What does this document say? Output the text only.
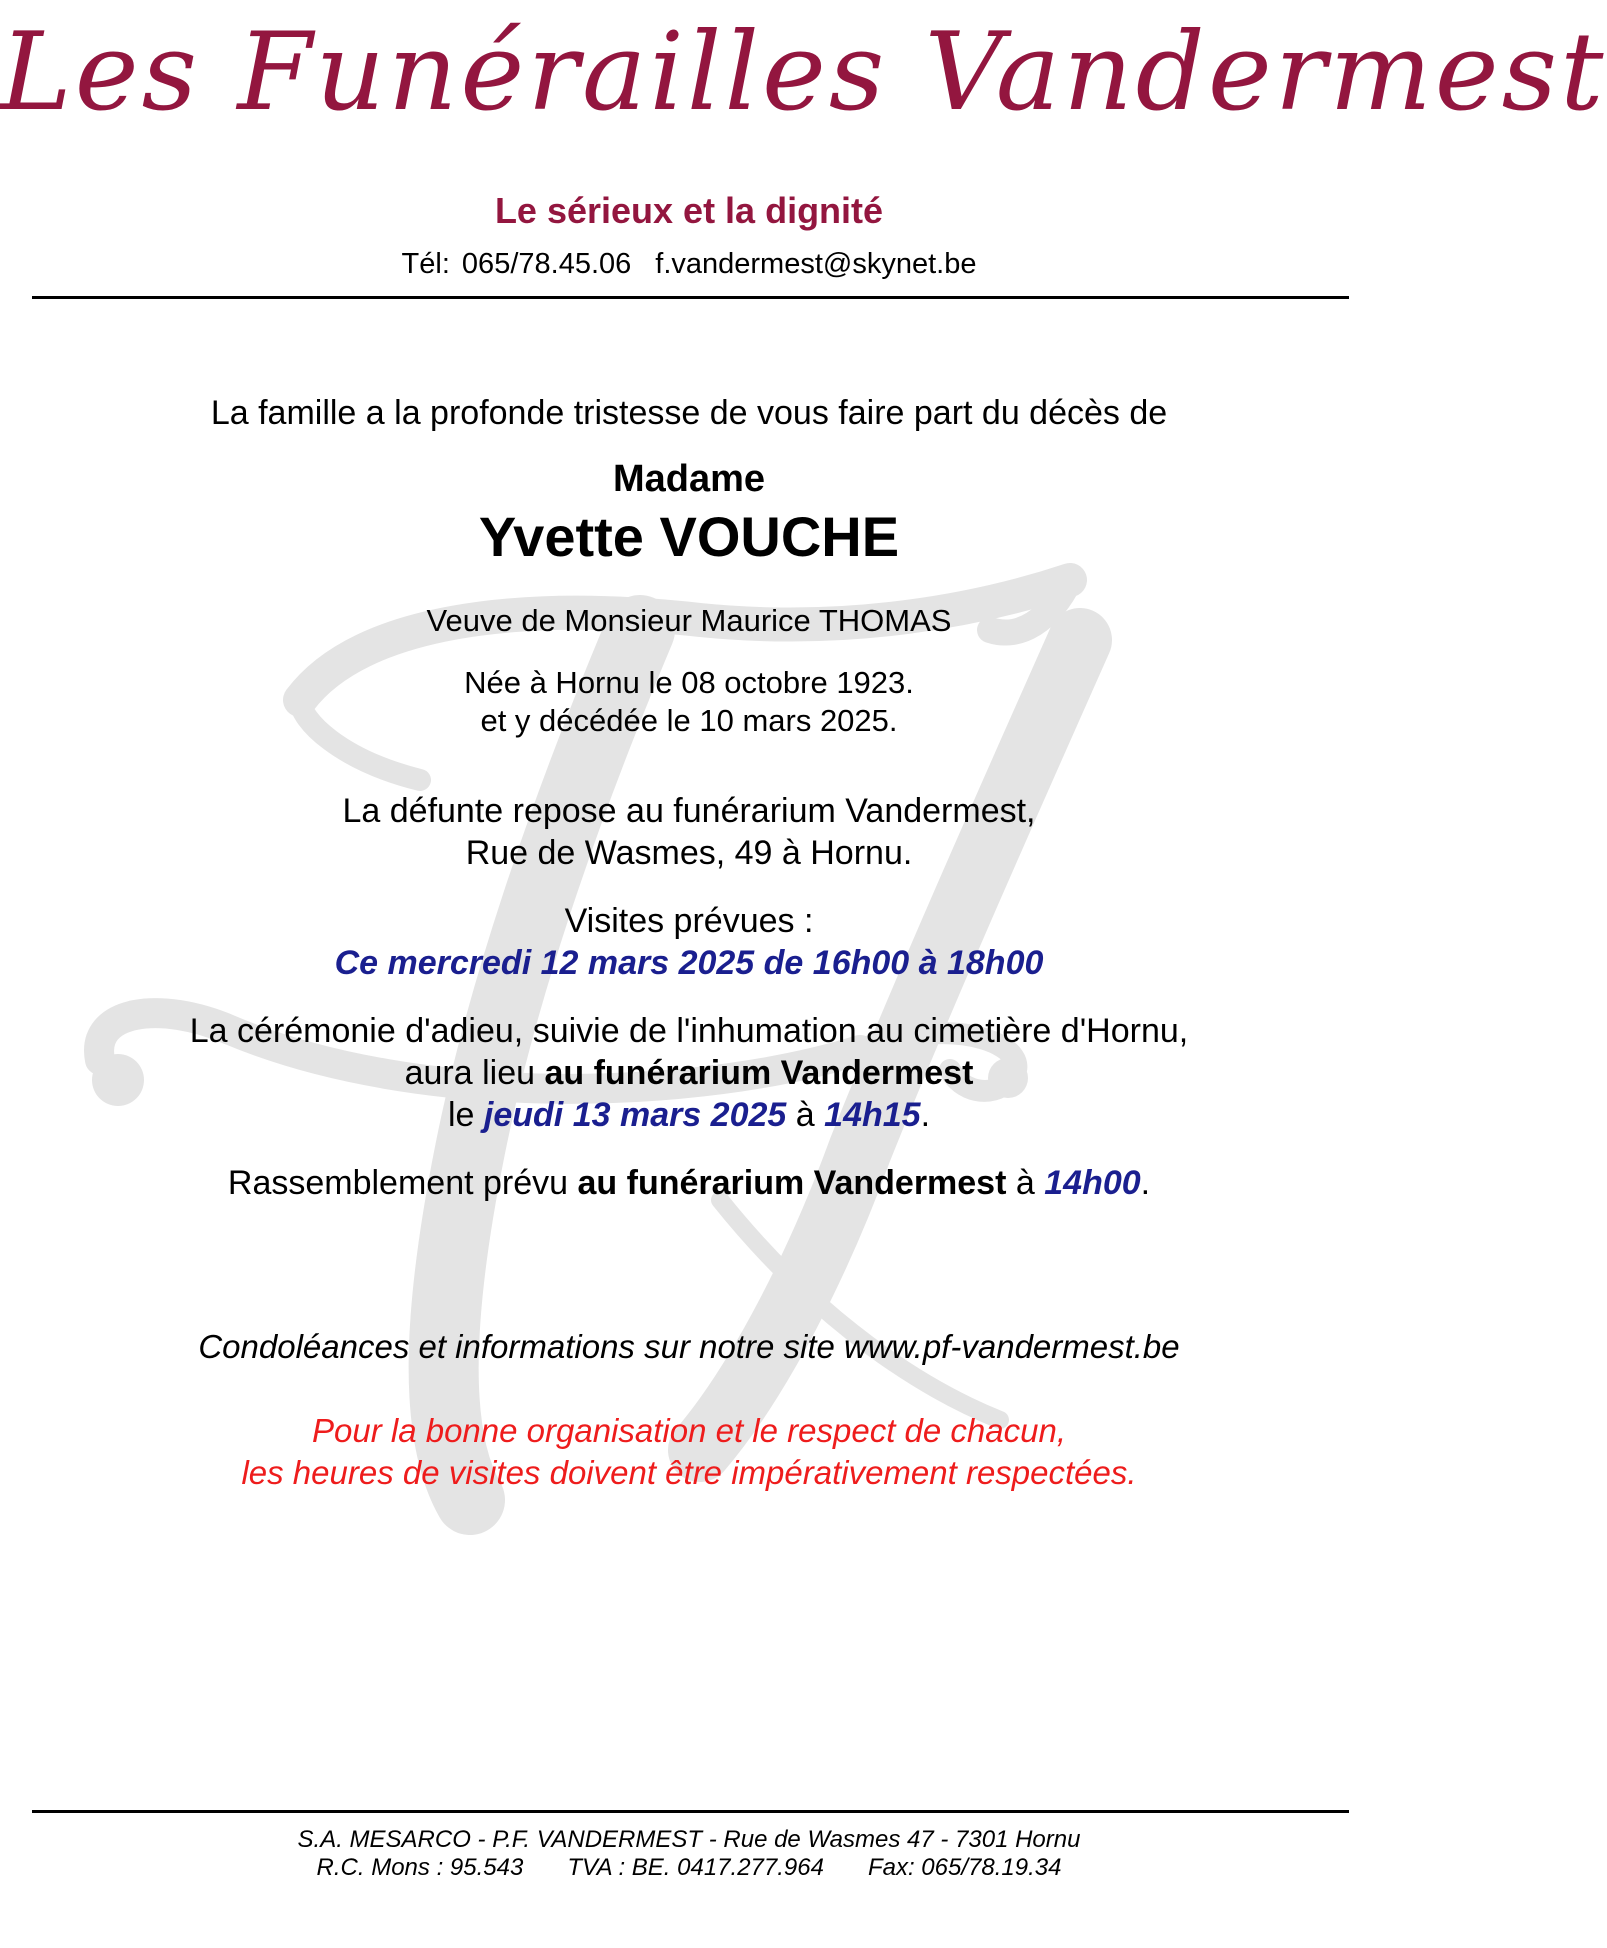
Les Funérailles Vandermest
Le sérieux et la dignité
Tél: 065/78.45.06 f.vandermest@skynet.be
La famille a la profonde tristesse de vous faire part du décès de
Madame
Yvette VOUCHE
Veuve de Monsieur Maurice THOMAS
Née à Hornu le 08 octobre 1923.
et y décédée le 10 mars 2025.
La défunte repose au funérarium Vandermest,
Rue de Wasmes, 49 à Hornu.
Visites prévues :
Ce mercredi 12 mars 2025 de 16h00 à 18h00
La cérémonie d'adieu, suivie de l'inhumation au cimetière d'Hornu,
aura lieu au funérarium Vandermest
le jeudi 13 mars 2025 à 14h15.
Rassemblement prévu au funérarium Vandermest à 14h00.
Condoléances et informations sur notre site www.pf-vandermest.be
Pour la bonne organisation et le respect de chacun,
les heures de visites doivent être impérativement respectées.
S.A. MESARCO - P.F. VANDERMEST - Rue de Wasmes 47 - 7301 Hornu
R.C. Mons : 95.543 TVA : BE. 0417.277.964 Fax: 065/78.19.34
